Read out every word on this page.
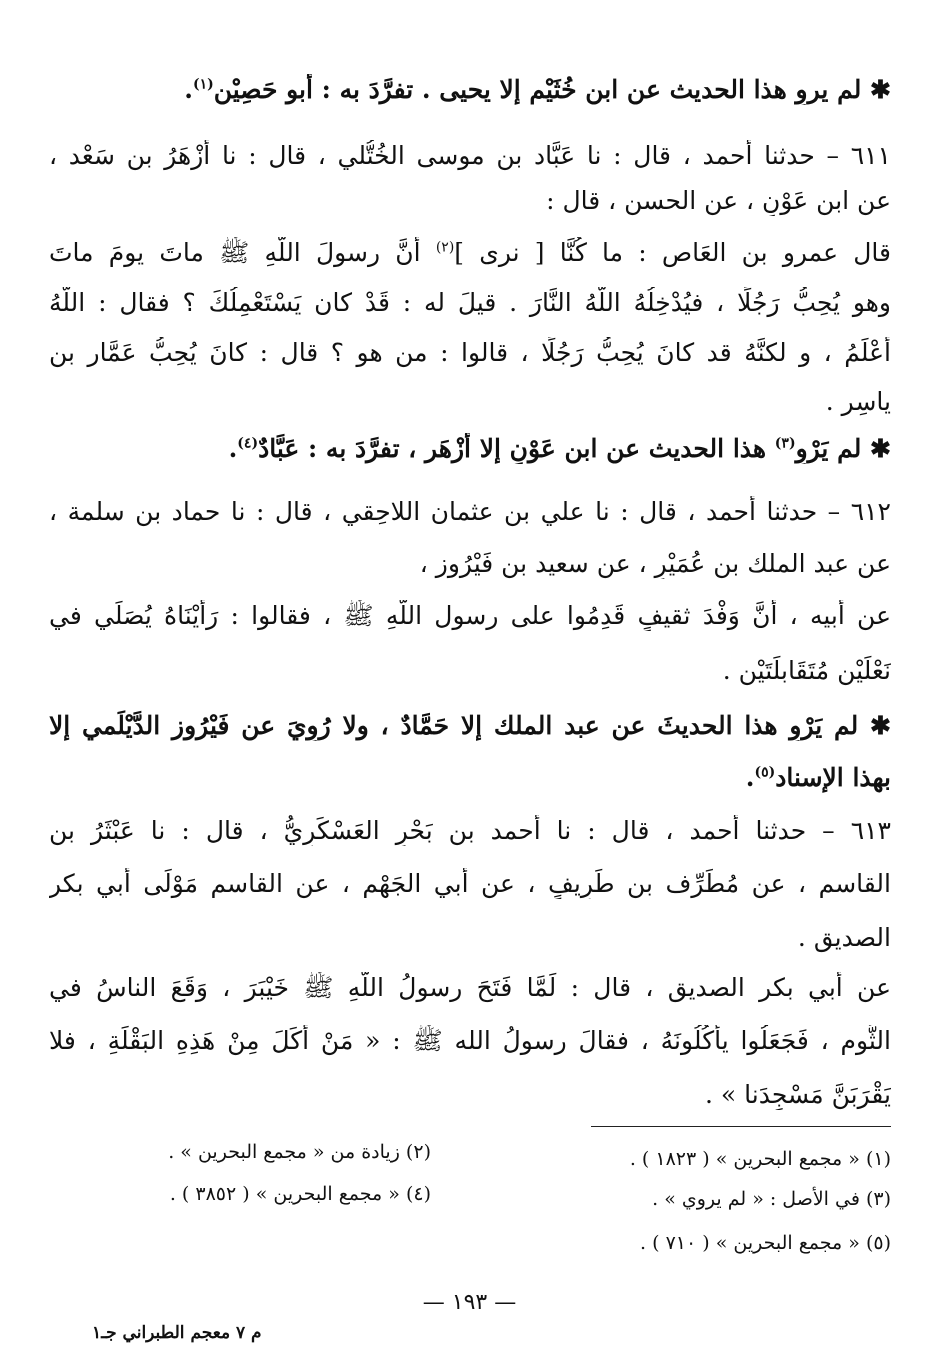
✱ لم يروِ هذا الحديث عن ابن خُثَيْم إلا يحيى . تفرَّدَ به : أبو حَصِيْن$^{(١)}$.
٦١١ – حدثنا أحمد ، قال : نا عَبَّاد بن موسى الخُتُّلي ، قال : نا أَزْهَرُ بن سَعْد ،
عن ابن عَوْنٍ ، عن الحسن ، قال :
قال عمرو بن العَاص : ما كُنَّا [ نرى ]$^{(٢)}$ أَنَّ رسولَ اللَّهِ ﷺ ماتَ يومَ ماتَ
وهو يُحِبُّ رَجُلًا ، فيُدْخِلُهُ اللَّهُ النَّارَ . قيلَ له : قَدْ كان يَسْتَعْمِلُكَ ؟ فقال : اللَّهُ
أَعْلَمُ ، و لكنَّهُ قد كانَ يُحِبُّ رَجُلًا ، قالوا : من هو ؟ قال : كانَ يُحِبُّ عَمَّار بن
ياسِر .
✱ لم يَرْوِ$^{(٣)}$ هذا الحديث عن ابن عَوْنٍ إلا أَزْهَر ، تفرَّدَ به : عَبَّادٌ$^{(٤)}$.
٦١٢ – حدثنا أحمد ، قال : نا علي بن عثمان اللاحِقي ، قال : نا حماد بن سلمة ،
عن عبد الملك بن عُمَيْرٍ ، عن سعيد بن فَيْرُوز ،
عن أبيه ، أَنَّ وَفْدَ ثقيفٍ قَدِمُوا على رسول اللَّهِ ﷺ ، فقالوا : رَأَيْنَاهُ يُصَلِّي في
نَعْلَيْن مُتَقَابلَتَيْن .
✱ لم يَرْوِ هذا الحديثَ عن عبد الملك إلا حَمَّادٌ ، ولا رُوِيَ عن فَيْرُوز الدَّيْلَمي إلا
بهذا الإسناد$^{(٥)}$.
٦١٣ – حدثنا أحمد ، قال : نا أحمد بن بَحْرٍ العَسْكَرِيُّ ، قال : نا عَبْثَرُ بن
القاسم ، عن مُطَرِّف بن طَرِيفٍ ، عن أبي الجَهْم ، عن القاسم مَوْلَى أبي بكر
الصديق .
عن أبي بكر الصديق ، قال : لَمَّا فَتَحَ رسولُ اللَّهِ ﷺ خَيْبَرَ ، وَقَعَ الناسُ في
الثُّوم ، فَجَعَلُوا يأكُلُونَهُ ، فقالَ رسولُ الله ﷺ : « مَنْ أَكَلَ مِنْ هَذِهِ البَقْلَةِ ، فلا
يَقْرَبَنَّ مَسْجِدَنا » .
(١) « مجمع البحرين » ( ١٨٢٣ ) .
(٢) زيادة من « مجمع البحرين » .
(٣) في الأصل : « لم يروي » .
(٤) « مجمع البحرين » ( ٣٨٥٢ ) .
(٥) « مجمع البحرين » ( ٧١٠ ) .
— ١٩٣ —
م ٧ معجم الطبراني جـ١
